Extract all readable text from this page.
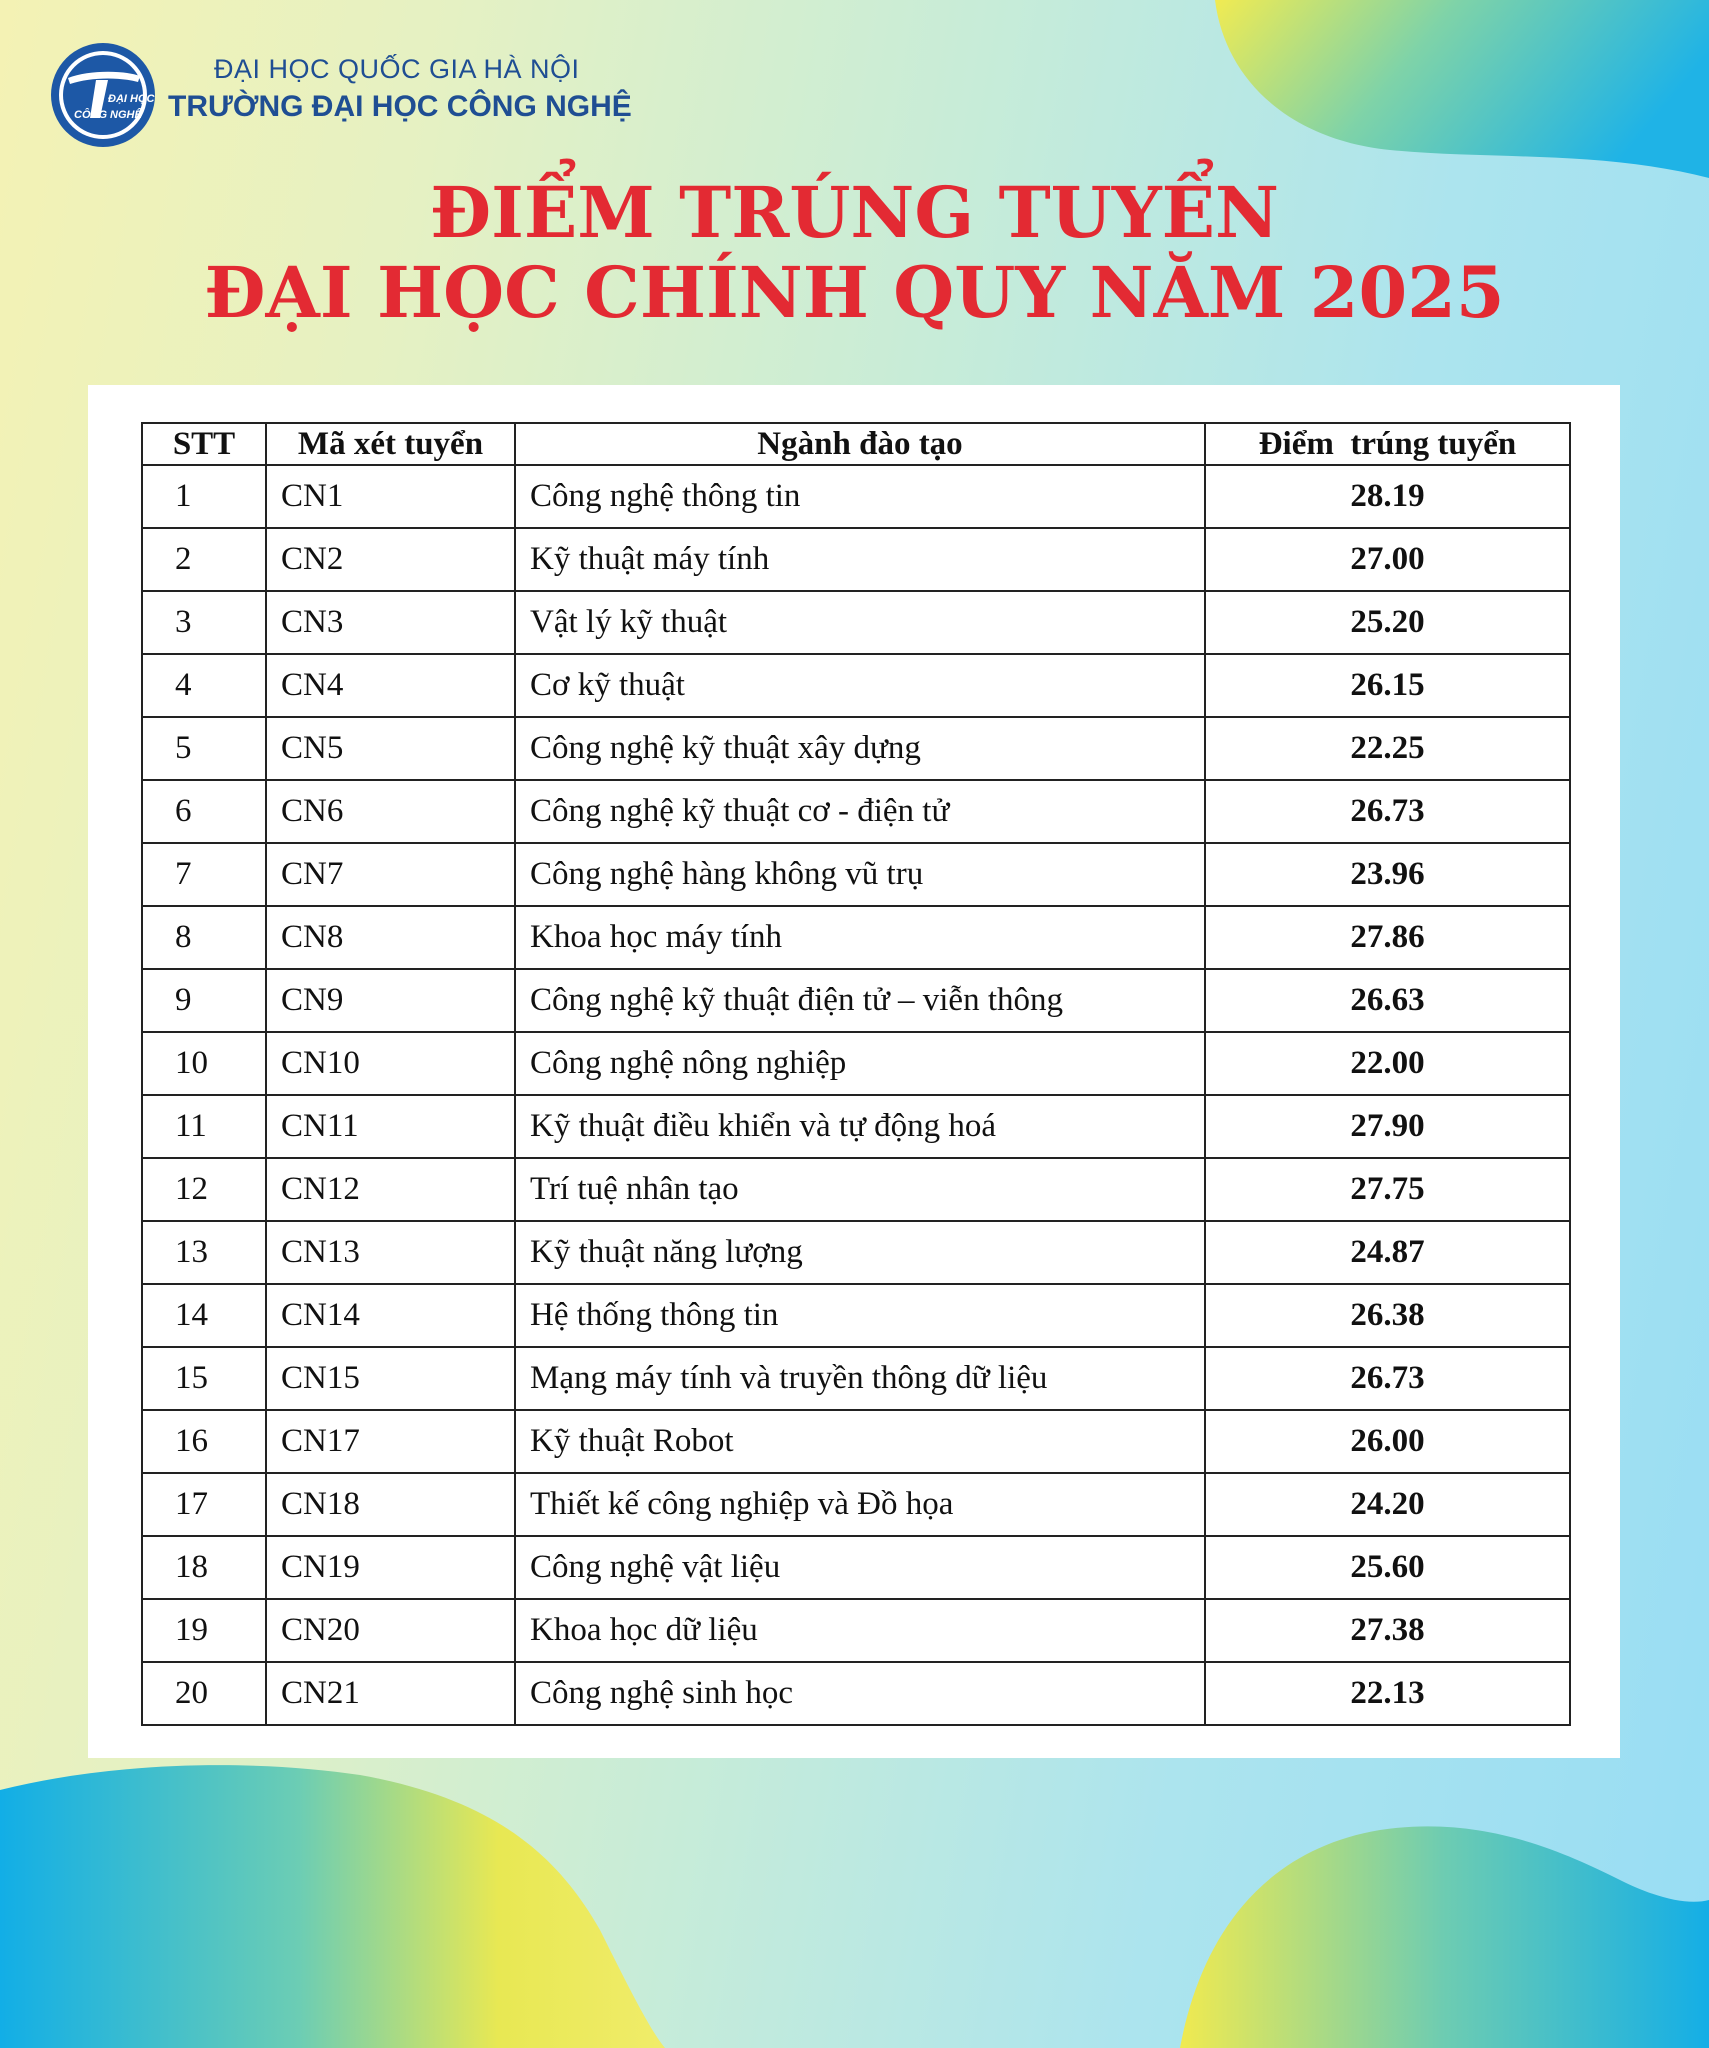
ĐẠI HỌC
CÔNG NGHỆ
ĐẠI HỌC QUỐC GIA HÀ NỘI
TRƯỜNG ĐẠI HỌC CÔNG NGHỆ
ĐIỂM TRÚNG TUYỂN
ĐẠI HỌC CHÍNH QUY NĂM 2025
STT	Mã xét tuyển	Ngành đào tạo	Điểm  trúng tuyển
1	CN1	Công nghệ thông tin	28.19
2	CN2	Kỹ thuật máy tính	27.00
3	CN3	Vật lý kỹ thuật	25.20
4	CN4	Cơ kỹ thuật	26.15
5	CN5	Công nghệ kỹ thuật xây dựng	22.25
6	CN6	Công nghệ kỹ thuật cơ - điện tử	26.73
7	CN7	Công nghệ hàng không vũ trụ	23.96
8	CN8	Khoa học máy tính	27.86
9	CN9	Công nghệ kỹ thuật điện tử – viễn thông	26.63
10	CN10	Công nghệ nông nghiệp	22.00
11	CN11	Kỹ thuật điều khiển và tự động hoá	27.90
12	CN12	Trí tuệ nhân tạo	27.75
13	CN13	Kỹ thuật năng lượng	24.87
14	CN14	Hệ thống thông tin	26.38
15	CN15	Mạng máy tính và truyền thông dữ liệu	26.73
16	CN17	Kỹ thuật Robot	26.00
17	CN18	Thiết kế công nghiệp và Đồ họa	24.20
18	CN19	Công nghệ vật liệu	25.60
19	CN20	Khoa học dữ liệu	27.38
20	CN21	Công nghệ sinh học	22.13
